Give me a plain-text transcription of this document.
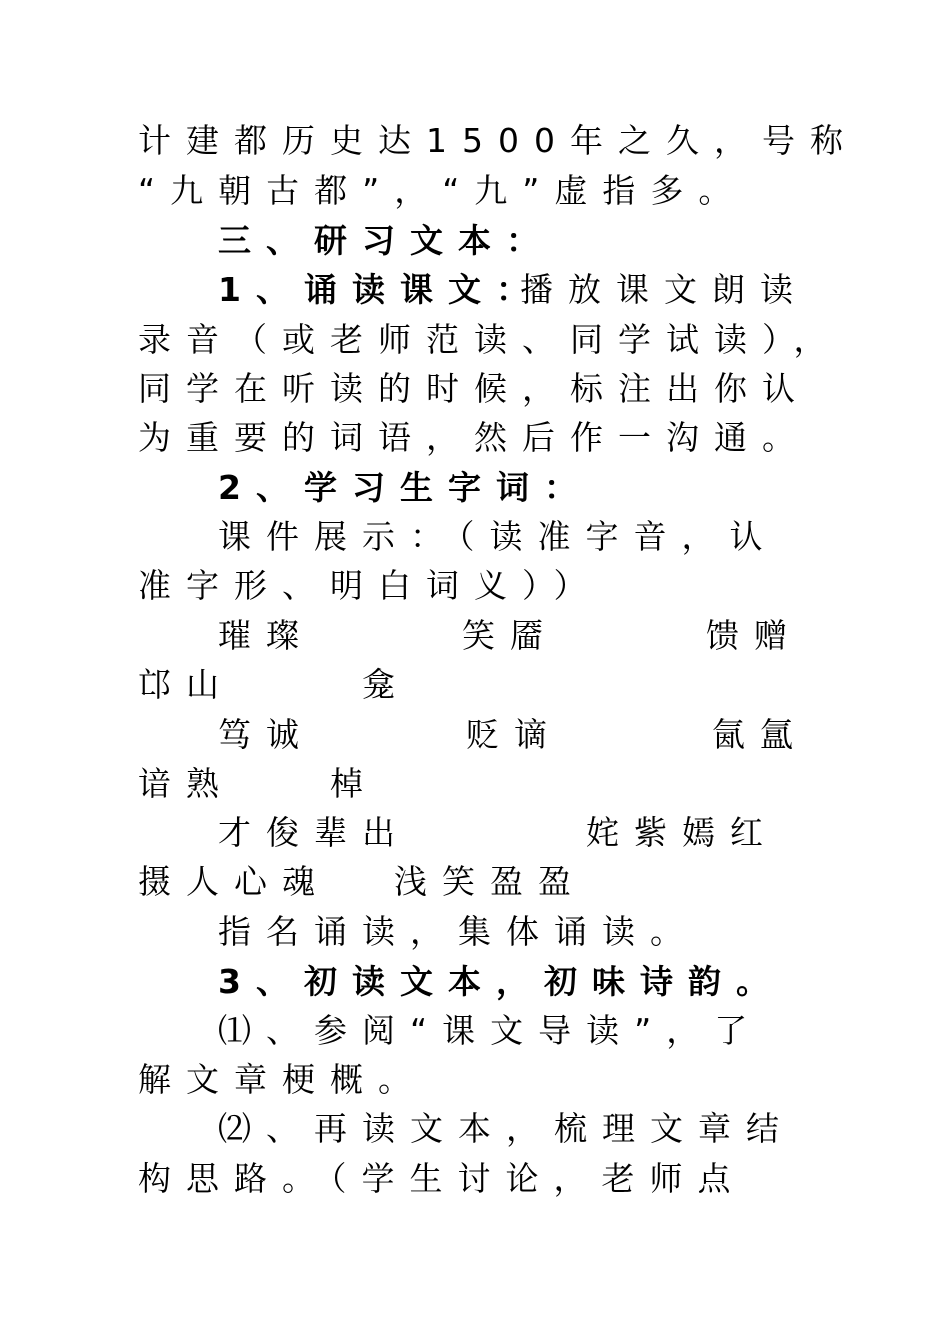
计建都历史达1500年之久，号称
“九朝古都”，“九”虚指多。
三、研习文本：
1、诵读课文：
播放课文朗读
录音（或老师范读、同学试读），
同学在听读的时候，标注出你认
为重要的词语，然后作一沟通。
2、学习生字词：
课件展示：（读准字音，认
准字形、明白词义））
璀璨	笑靥	馈赠
邙山	龛
笃诚	贬谪	氤氲
谙熟	棹
才俊辈出	姹紫嫣红
摄人心魂 浅笑盈盈
指名诵读，集体诵读。
3、初读文本，初味诗韵。
⑴、参阅“课文导读”，了
解文章梗概。
⑵、再读文本，梳理文章结
构思路。（学生讨论，老师点
